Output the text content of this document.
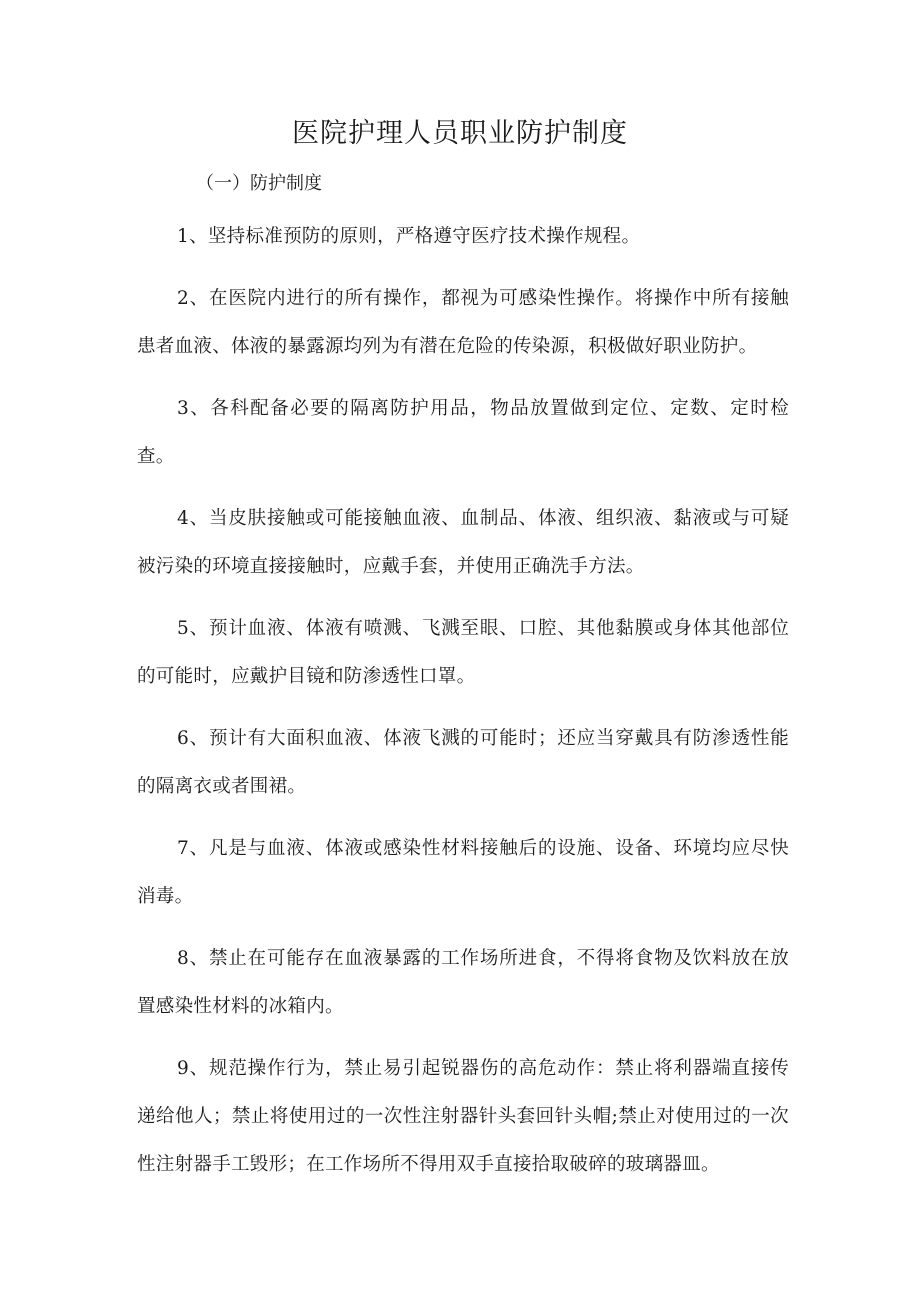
医院护理人员职业防护制度
（一）防护制度

1、坚持标准预防的原则，严格遵守医疗技术操作规程。

2、在医院内进行的所有操作，都视为可感染性操作。将操作中所有接触患者血液、体液的暴露源均列为有潜在危险的传染源，积极做好职业防护。

3、各科配备必要的隔离防护用品，物品放置做到定位、定数、定时检查。

4、当皮肤接触或可能接触血液、血制品、体液、组织液、黏液或与可疑被污染的环境直接接触时，应戴手套，并使用正确洗手方法。

5、预计血液、体液有喷溅、飞溅至眼、口腔、其他黏膜或身体其他部位的可能时，应戴护目镜和防渗透性口罩。

6、预计有大面积血液、体液飞溅的可能时；还应当穿戴具有防渗透性能的隔离衣或者围裙。

7、凡是与血液、体液或感染性材料接触后的设施、设备、环境均应尽快消毒。

8、禁止在可能存在血液暴露的工作场所进食，不得将食物及饮料放在放置感染性材料的冰箱内。

9、规范操作行为，禁止易引起锐器伤的高危动作：禁止将利器端直接传递给他人；禁止将使用过的一次性注射器针头套回针头帽;禁止对使用过的一次性注射器手工毁形；在工作场所不得用双手直接拾取破碎的玻璃器皿。
